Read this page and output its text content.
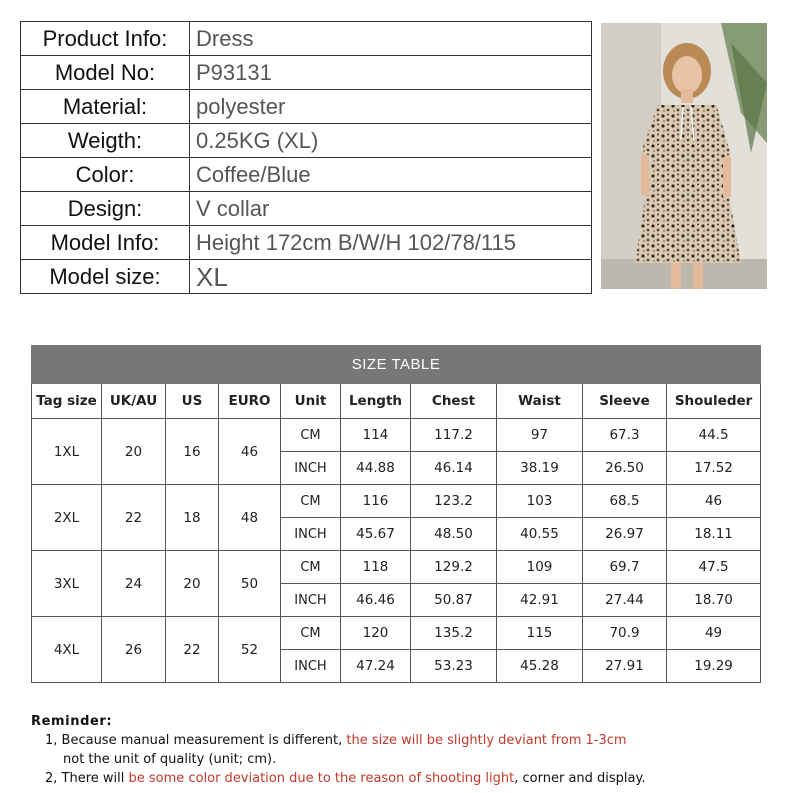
Product Info:	Dress
Model No:	P93131
Material:	polyester
Weigth:	0.25KG (XL)
Color:	Coffee/Blue
Design:	V collar
Model Info:	Height 172cm B/W/H 102/78/115
Model size:	XL
SIZE TABLE									
Tag size	UK/AU	US	EURO	Unit	Length	Chest	Waist	Sleeve	Shouleder
1XL	20	16	46	CM	114	117.2	97	67.3	44.5
				INCH	44.88	46.14	38.19	26.50	17.52
2XL	22	18	48	CM	116	123.2	103	68.5	46
				INCH	45.67	48.50	40.55	26.97	18.11
3XL	24	20	50	CM	118	129.2	109	69.7	47.5
				INCH	46.46	50.87	42.91	27.44	18.70
4XL	26	22	52	CM	120	135.2	115	70.9	49
				INCH	47.24	53.23	45.28	27.91	19.29
Reminder:
1, Because manual measurement is different, the size will be slightly deviant from 1-3cm
not the unit of quality (unit; cm).
2, There will be some color deviation due to the reason of shooting light, corner and display.
